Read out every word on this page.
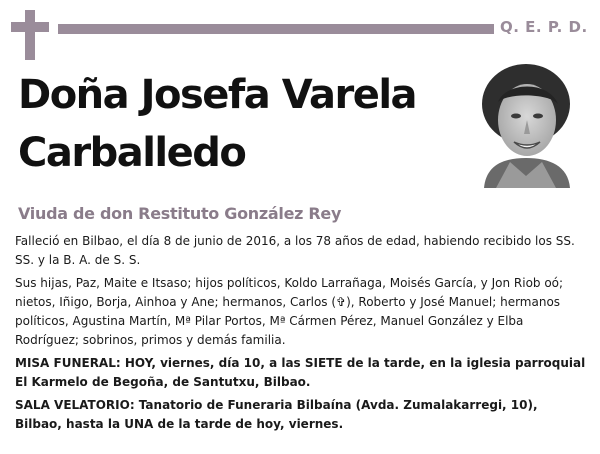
Q. E. P. D.
Doña Josefa Varela
Carballedo
Viuda de don Restituto González Rey

Falleció en Bilbao, el día 8 de junio de 2016, a los 78 años de edad, habiendo recibido los SS. SS. y la B. A. de S. S.

Sus hijas, Paz, Maite e Itsaso; hijos políticos, Koldo Larrañaga, Moisés García, y Jon Riob oó; nietos, Iñigo, Borja, Ainhoa y Ane; hermanos, Carlos (✞), Roberto y José Manuel; hermanos políticos, Agustina Martín, Mª Pilar Portos, Mª Cármen Pérez, Manuel González y Elba Rodríguez; sobrinos, primos y demás familia.

MISA FUNERAL: HOY, viernes, día 10, a las SIETE de la tarde, en la iglesia parroquial El Karmelo de Begoña, de Santutxu, Bilbao.

SALA VELATORIO: Tanatorio de Funeraria Bilbaína (Avda. Zumalakarregi, 10), Bilbao, hasta la UNA de la tarde de hoy, viernes.
